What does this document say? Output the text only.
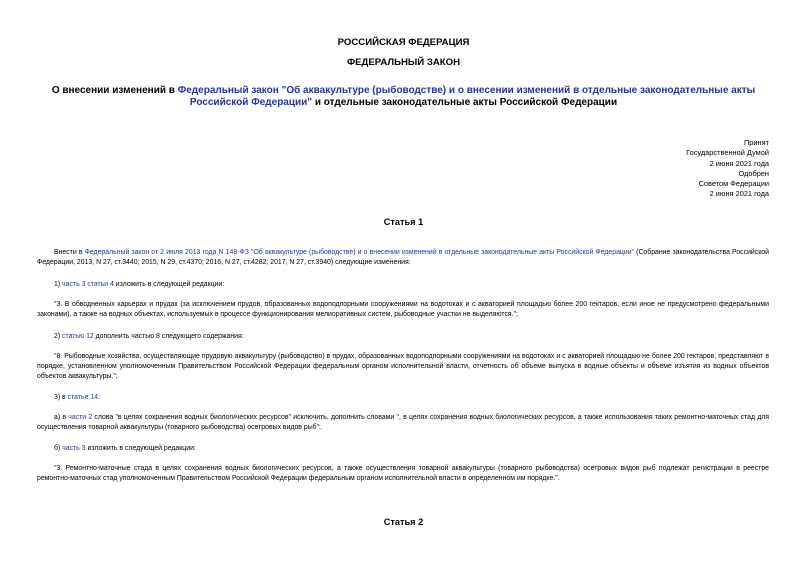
РОССИЙСКАЯ ФЕДЕРАЦИЯ
ФЕДЕРАЛЬНЫЙ ЗАКОН
О внесении изменений в Федеральный закон "Об аквакультуре (рыбоводстве) и о внесении изменений в отдельные законодательные акты Российской Федерации" и отдельные законодательные акты Российской Федерации
Принят
Государственной Думой
2 июня 2021 года
Одобрен
Советом Федерации
2 июня 2021 года
Статья 1
Внести в Федеральный закон от 2 июля 2013 года N 148-ФЗ "Об аквакультуре (рыбоводстве) и о внесении изменений в отдельные законодательные акты Российской Федерации" (Собрание законодательства Российской Федерации, 2013, N 27, ст.3440; 2015, N 29, ст.4370; 2016, N 27, ст.4282; 2017, N 27, ст.3940) следующие изменения:
1) часть 3 статьи 4 изложить в следующей редакции:
"3. В обводненных карьерах и прудах (за исключением прудов, образованных водоподпорными сооружениями на водотоках и с акваторией площадью более 200 гектаров, если иное не предусмотрено федеральными законами), а также на водных объектах, используемых в процессе функционирования мелиоративных систем, рыбоводные участки не выделяются.";
2) статью 12 дополнить частью 8 следующего содержания:
"8. Рыбоводные хозяйства, осуществляющие прудовую аквакультуру (рыбоводство) в прудах, образованных водоподпорными сооружениями на водотоках и с акваторией площадью не более 200 гектаров, представляют в порядке, установленном уполномоченным Правительством Российской Федерации федеральным органом исполнительной власти, отчетность об объеме выпуска в водные объекты и объеме изъятия из водных объектов объектов аквакультуры.";
3) в статье 14:
а) в части 2 слова "в целях сохранения водных биологических ресурсов" исключить, дополнить словами ", в целях сохранения водных биологических ресурсов, а также использования таких ремонтно-маточных стад для осуществления товарной аквакультуры (товарного рыбоводства) осетровых видов рыб";
б) часть 3 изложить в следующей редакции:
"3. Ремонтно-маточные стада в целях сохранения водных биологических ресурсов, а также осуществления товарной аквакультуры (товарного рыбоводства) осетровых видов рыб подлежат регистрации в реестре ремонтно-маточных стад уполномоченным Правительством Российской Федерации федеральным органом исполнительной власти в определенном им порядке.".
Статья 2
